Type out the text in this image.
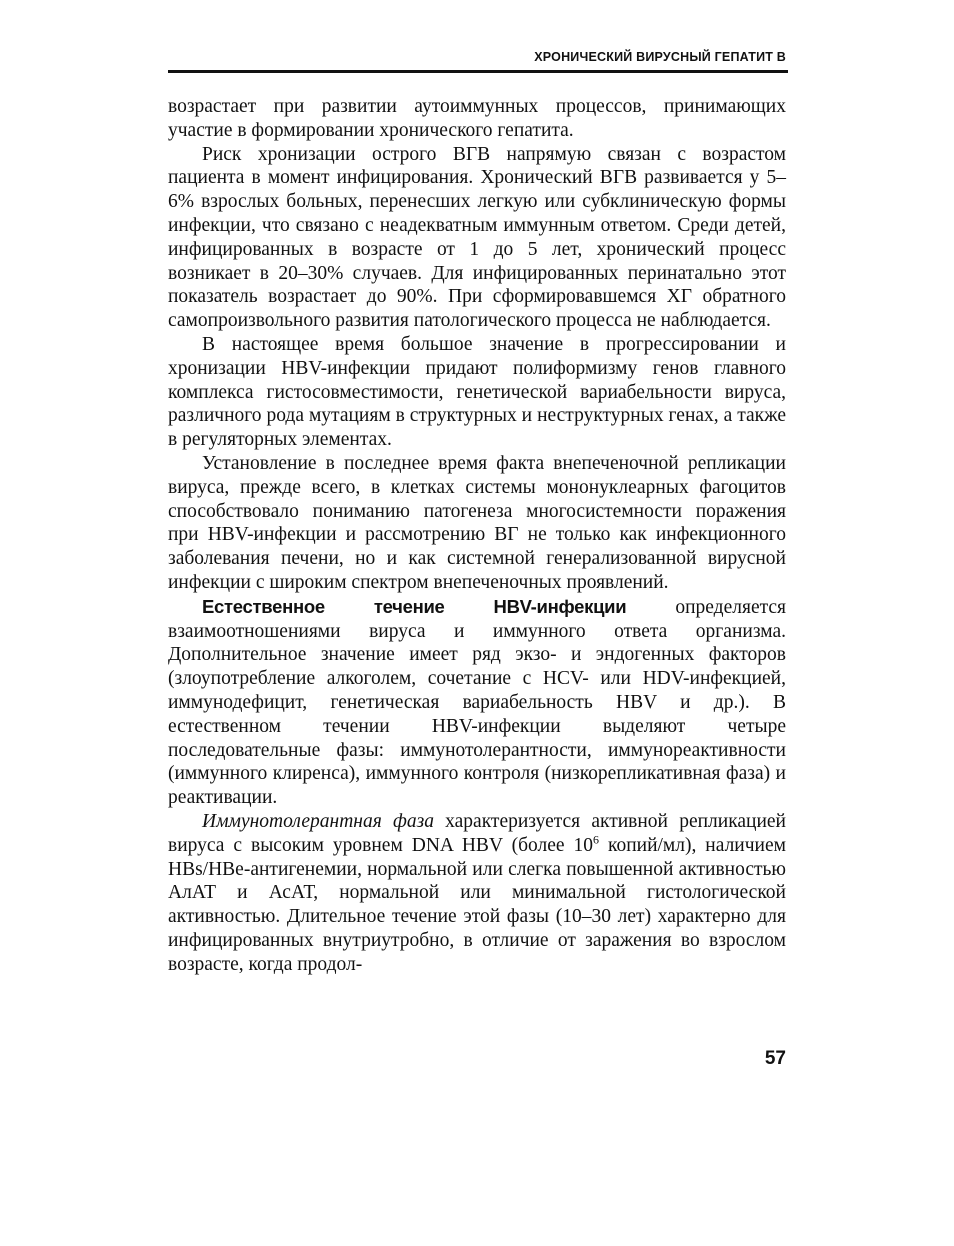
ХРОНИЧЕСКИЙ ВИРУСНЫЙ ГЕПАТИТ В

возрастает при развитии аутоиммунных процессов, принимающих участие в формировании хронического гепатита.

Риск хронизации острого ВГВ напрямую связан с возрастом пациента в момент инфицирования. Хронический ВГВ развивается у 5–6% взрослых больных, перенесших легкую или субклиническую формы инфекции, что связано с неадекватным иммунным ответом. Среди детей, инфицированных в возрасте от 1 до 5 лет, хронический процесс возникает в 20–30% случаев. Для инфицированных перинатально этот показатель возрастает до 90%. При сформировавшемся ХГ обратного самопроизвольного развития патологического процесса не наблюдается.

В настоящее время большое значение в прогрессировании и хронизации HBV-инфекции придают полиформизму генов главного комплекса гистосовместимости, генетической вариабельности вируса, различного рода мутациям в структурных и неструктурных генах, а также в регуляторных элементах.

Установление в последнее время факта внепеченочной репликации вируса, прежде всего, в клетках системы мононуклеарных фагоцитов способствовало пониманию патогенеза многосистемности поражения при HBV-инфекции и рассмотрению ВГ не только как инфекционного заболевания печени, но и как системной генерализованной вирусной инфекции с широким спектром внепеченочных проявлений.

Естественное течение HBV-инфекции определяется взаимоотношениями вируса и иммунного ответа организма. Дополнительное значение имеет ряд экзо- и эндогенных факторов (злоупотребление алкоголем, сочетание с HCV- или HDV-инфекцией, иммунодефицит, генетическая вариабельность HBV и др.). В естественном течении HBV-инфекции выделяют четыре последовательные фазы: иммунотолерантности, иммунореактивности (иммунного клиренса), иммунного контроля (низкорепликативная фаза) и реактивации.

Иммунотолерантная фаза характеризуется активной репликацией вируса с высоким уровнем DNA HBV (более $10^6$ копий/мл), наличием HBs/HBe-антигенемии, нормальной или слегка повышенной активностью АлАТ и АсАТ, нормальной или минимальной гистологической активностью. Длительное течение этой фазы (10–30 лет) характерно для инфицированных внутриутробно, в отличие от заражения во взрослом возрасте, когда продол-

57
